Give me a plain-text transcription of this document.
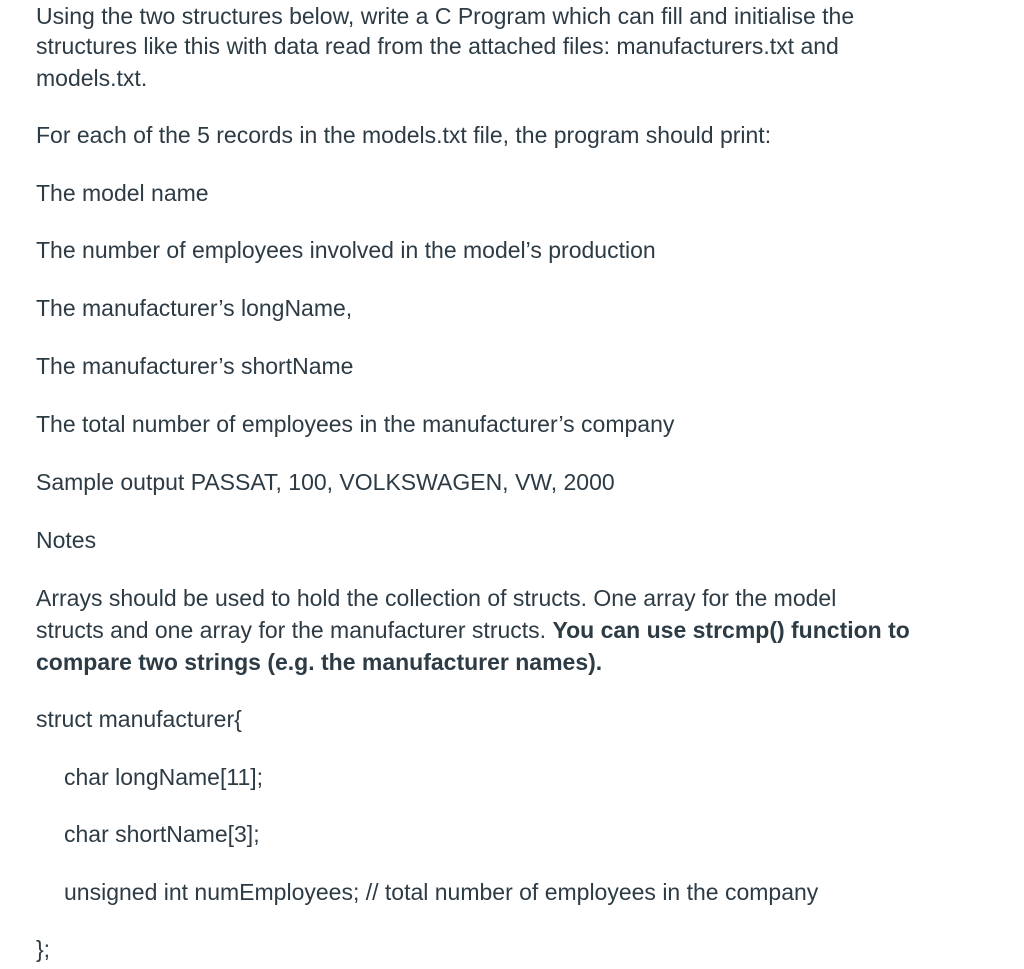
Using the two structures below, write a C Program which can fill and initialise the
structures like this with data read from the attached files: manufacturers.txt and
models.txt.
For each of the 5 records in the models.txt file, the program should print:
The model name
The number of employees involved in the model’s production
The manufacturer’s longName,
The manufacturer’s shortName
The total number of employees in the manufacturer’s company
Sample output PASSAT, 100, VOLKSWAGEN, VW, 2000
Notes
Arrays should be used to hold the collection of structs. One array for the model
structs and one array for the manufacturer structs. You can use strcmp() function to
compare two strings (e.g. the manufacturer names).
struct manufacturer{
char longName[11];
char shortName[3];
unsigned int numEmployees; // total number of employees in the company
};
